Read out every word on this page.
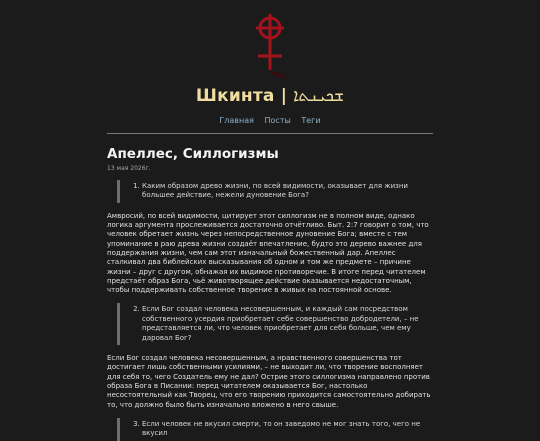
Шкинта | ܫܟܝܢܬܐ
Главная Посты Теги
Апеллес, Силлогизмы
13 мая 2026г.
1. Каким образом древо жизни, по всей видимости, оказывает для жизни большее действие, нежели дуновение Бога?

Амвросий, по всей видимости, цитирует этот силлогизм не в полном виде, однако логика аргумента прослеживается достаточно отчётливо. Быт. 2:7 говорит о том, что человек обретает жизнь через непосредственное дуновение Бога; вместе с тем упоминание в раю древа жизни создаёт впечатление, будто это дерево важнее для поддержания жизни, чем сам этот изначальный божественный дар. Апеллес сталкивал два библейских высказывания об одном и том же предмете – причине жизни – друг с другом, обнажая их видимое противоречие. В итоге перед читателем предстаёт образ Бога, чьё животворящее действие оказывается недостаточным, чтобы поддерживать собственное творение в живых на постоянной основе.

2. Если Бог создал человека несовершенным, и каждый сам посредством собственного усердия приобретает себе совершенство добродетели, – не представляется ли, что человек приобретает для себя больше, чем ему даровал Бог?

Если Бог создал человека несовершенным, а нравственного совершенства тот достигает лишь собственными усилиями, – не выходит ли, что творение восполняет для себя то, чего Создатель ему не дал? Острие этого силлогизма направлено против образа Бога в Писании: перед читателем оказывается Бог, настолько несостоятельный как Творец, что его творению приходится самостоятельно добирать то, что должно было быть изначально вложено в него свыше.

3. Если человек не вкусил смерти, то он заведомо не мог знать того, чего не вкусил
